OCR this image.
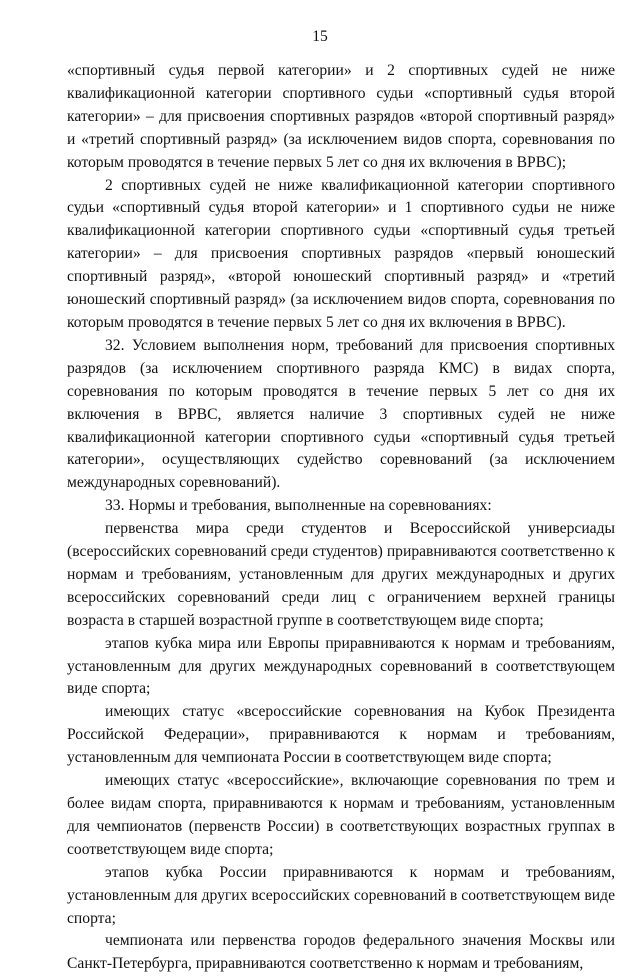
15

«спортивный судья первой категории» и 2 спортивных судей не ниже квалификационной категории спортивного судьи «спортивный судья второй категории» – для присвоения спортивных разрядов «второй спортивный разряд» и «третий спортивный разряд» (за исключением видов спорта, соревнования по которым проводятся в течение первых 5 лет со дня их включения в ВРВС);

2 спортивных судей не ниже квалификационной категории спортивного судьи «спортивный судья второй категории» и 1 спортивного судьи не ниже квалификационной категории спортивного судьи «спортивный судья третьей категории» – для присвоения спортивных разрядов «первый юношеский спортивный разряд», «второй юношеский спортивный разряд» и «третий юношеский спортивный разряд» (за исключением видов спорта, соревнования по которым проводятся в течение первых 5 лет со дня их включения в ВРВС).

32. Условием выполнения норм, требований для присвоения спортивных разрядов (за исключением спортивного разряда КМС) в видах спорта, соревнования по которым проводятся в течение первых 5 лет со дня их включения в ВРВС, является наличие 3 спортивных судей не ниже квалификационной категории спортивного судьи «спортивный судья третьей категории», осуществляющих судейство соревнований (за исключением международных соревнований).

33. Нормы и требования, выполненные на соревнованиях:

первенства мира среди студентов и Всероссийской универсиады (всероссийских соревнований среди студентов) приравниваются соответственно к нормам и требованиям, установленным для других международных и других всероссийских соревнований среди лиц с ограничением верхней границы возраста в старшей возрастной группе в соответствующем виде спорта;

этапов кубка мира или Европы приравниваются к нормам и требованиям, установленным для других международных соревнований в соответствующем виде спорта;

имеющих статус «всероссийские соревнования на Кубок Президента Российской Федерации», приравниваются к нормам и требованиям, установленным для чемпионата России в соответствующем виде спорта;

имеющих статус «всероссийские», включающие соревнования по трем и более видам спорта, приравниваются к нормам и требованиям, установленным для чемпионатов (первенств России) в соответствующих возрастных группах в соответствующем виде спорта;

этапов кубка России приравниваются к нормам и требованиям, установленным для других всероссийских соревнований в соответствующем виде спорта;

чемпионата или первенства городов федерального значения Москвы или Санкт-Петербурга, приравниваются соответственно к нормам и требованиям,
